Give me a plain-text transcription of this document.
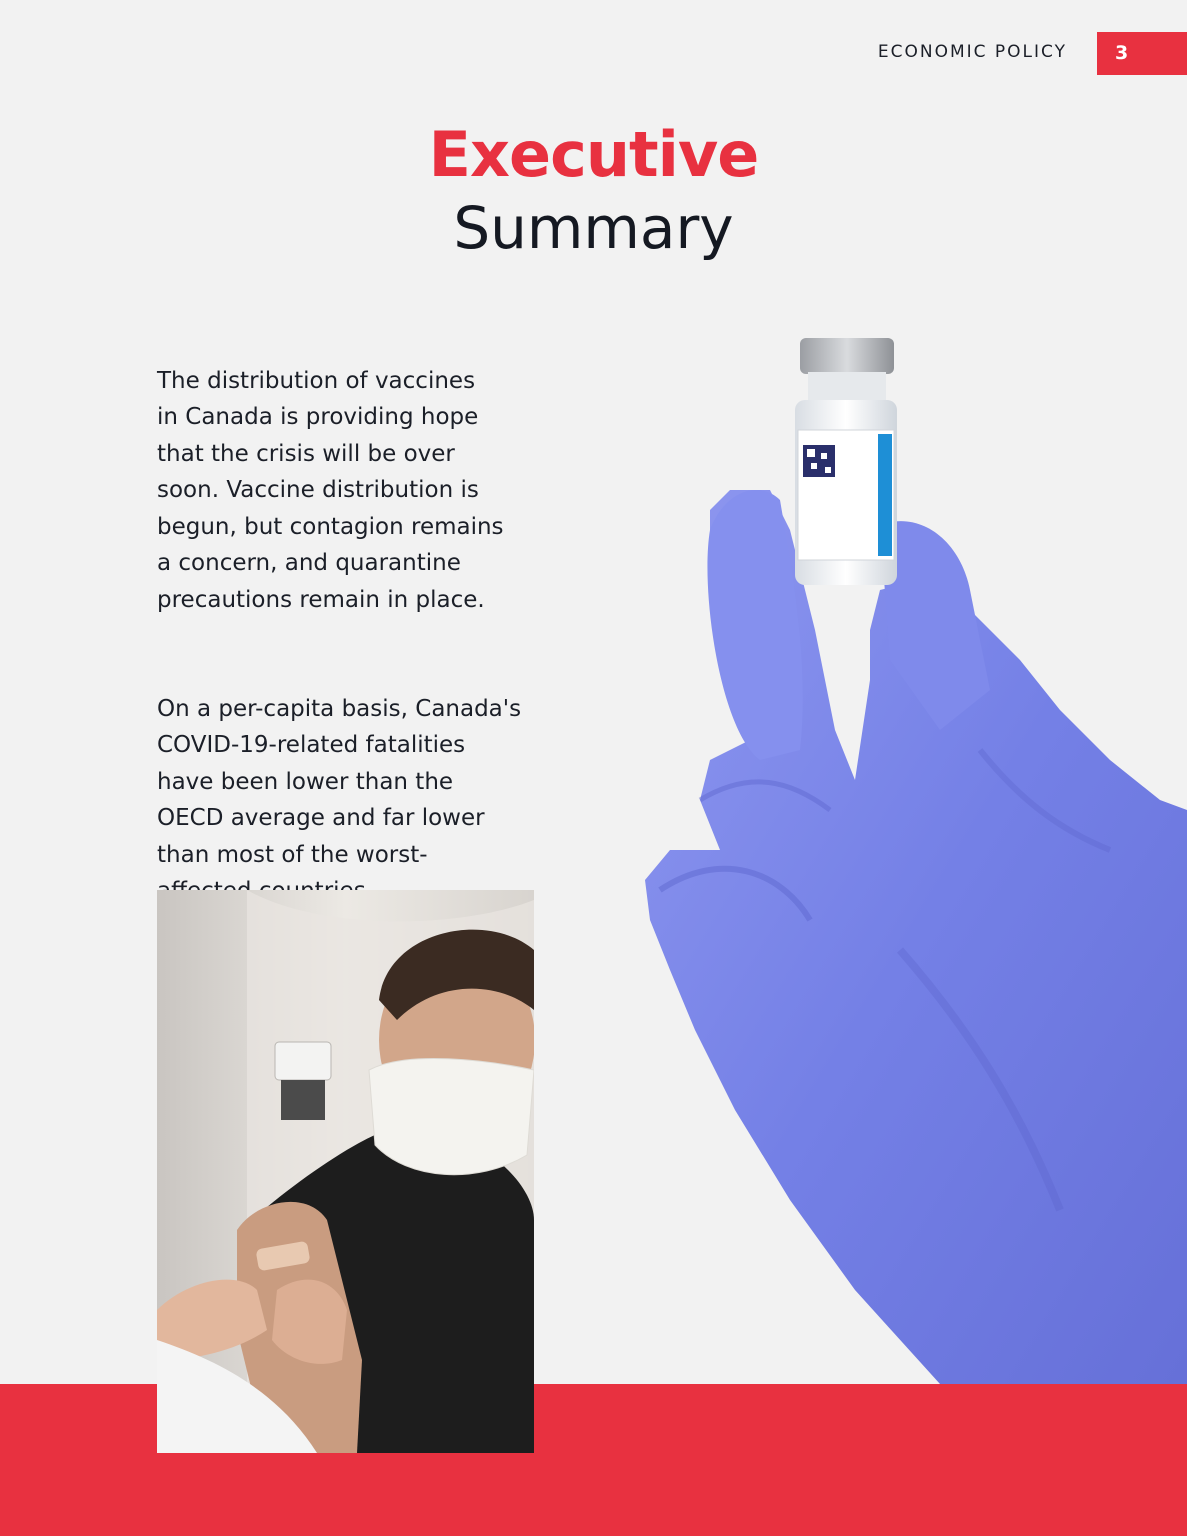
ECONOMIC POLICY	3
Executive
Summary

The distribution of vaccines
in Canada is providing hope
that the crisis will be over
soon. Vaccine distribution is
begun, but contagion remains
a concern, and quarantine
precautions remain in place.

On a per-capita basis, Canada's
COVID-19-related fatalities
have been lower than the
OECD average and far lower
than most of the worst-
